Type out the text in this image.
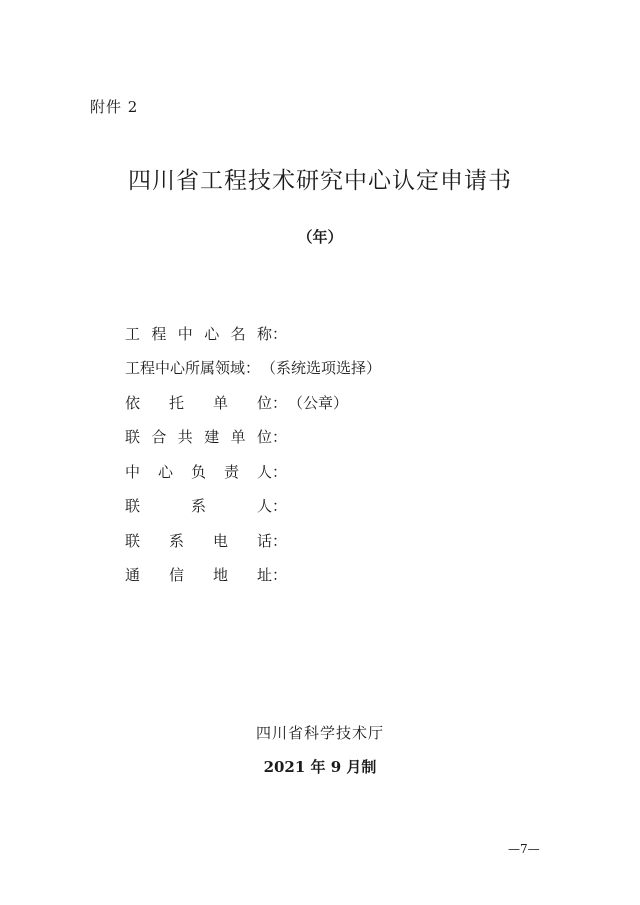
附件 2
四川省工程技术研究中心认定申请书
（年）
工程中心名称 ：
工程中心所属领域 ： （系统选项选择）
依托单位 ： （公章）
联合共建单位 ：
中心负责人 ：
联系人 ：
联系电话 ：
通信地址 ：
四川省科学技术厅
2021 年 9 月制
—7—
